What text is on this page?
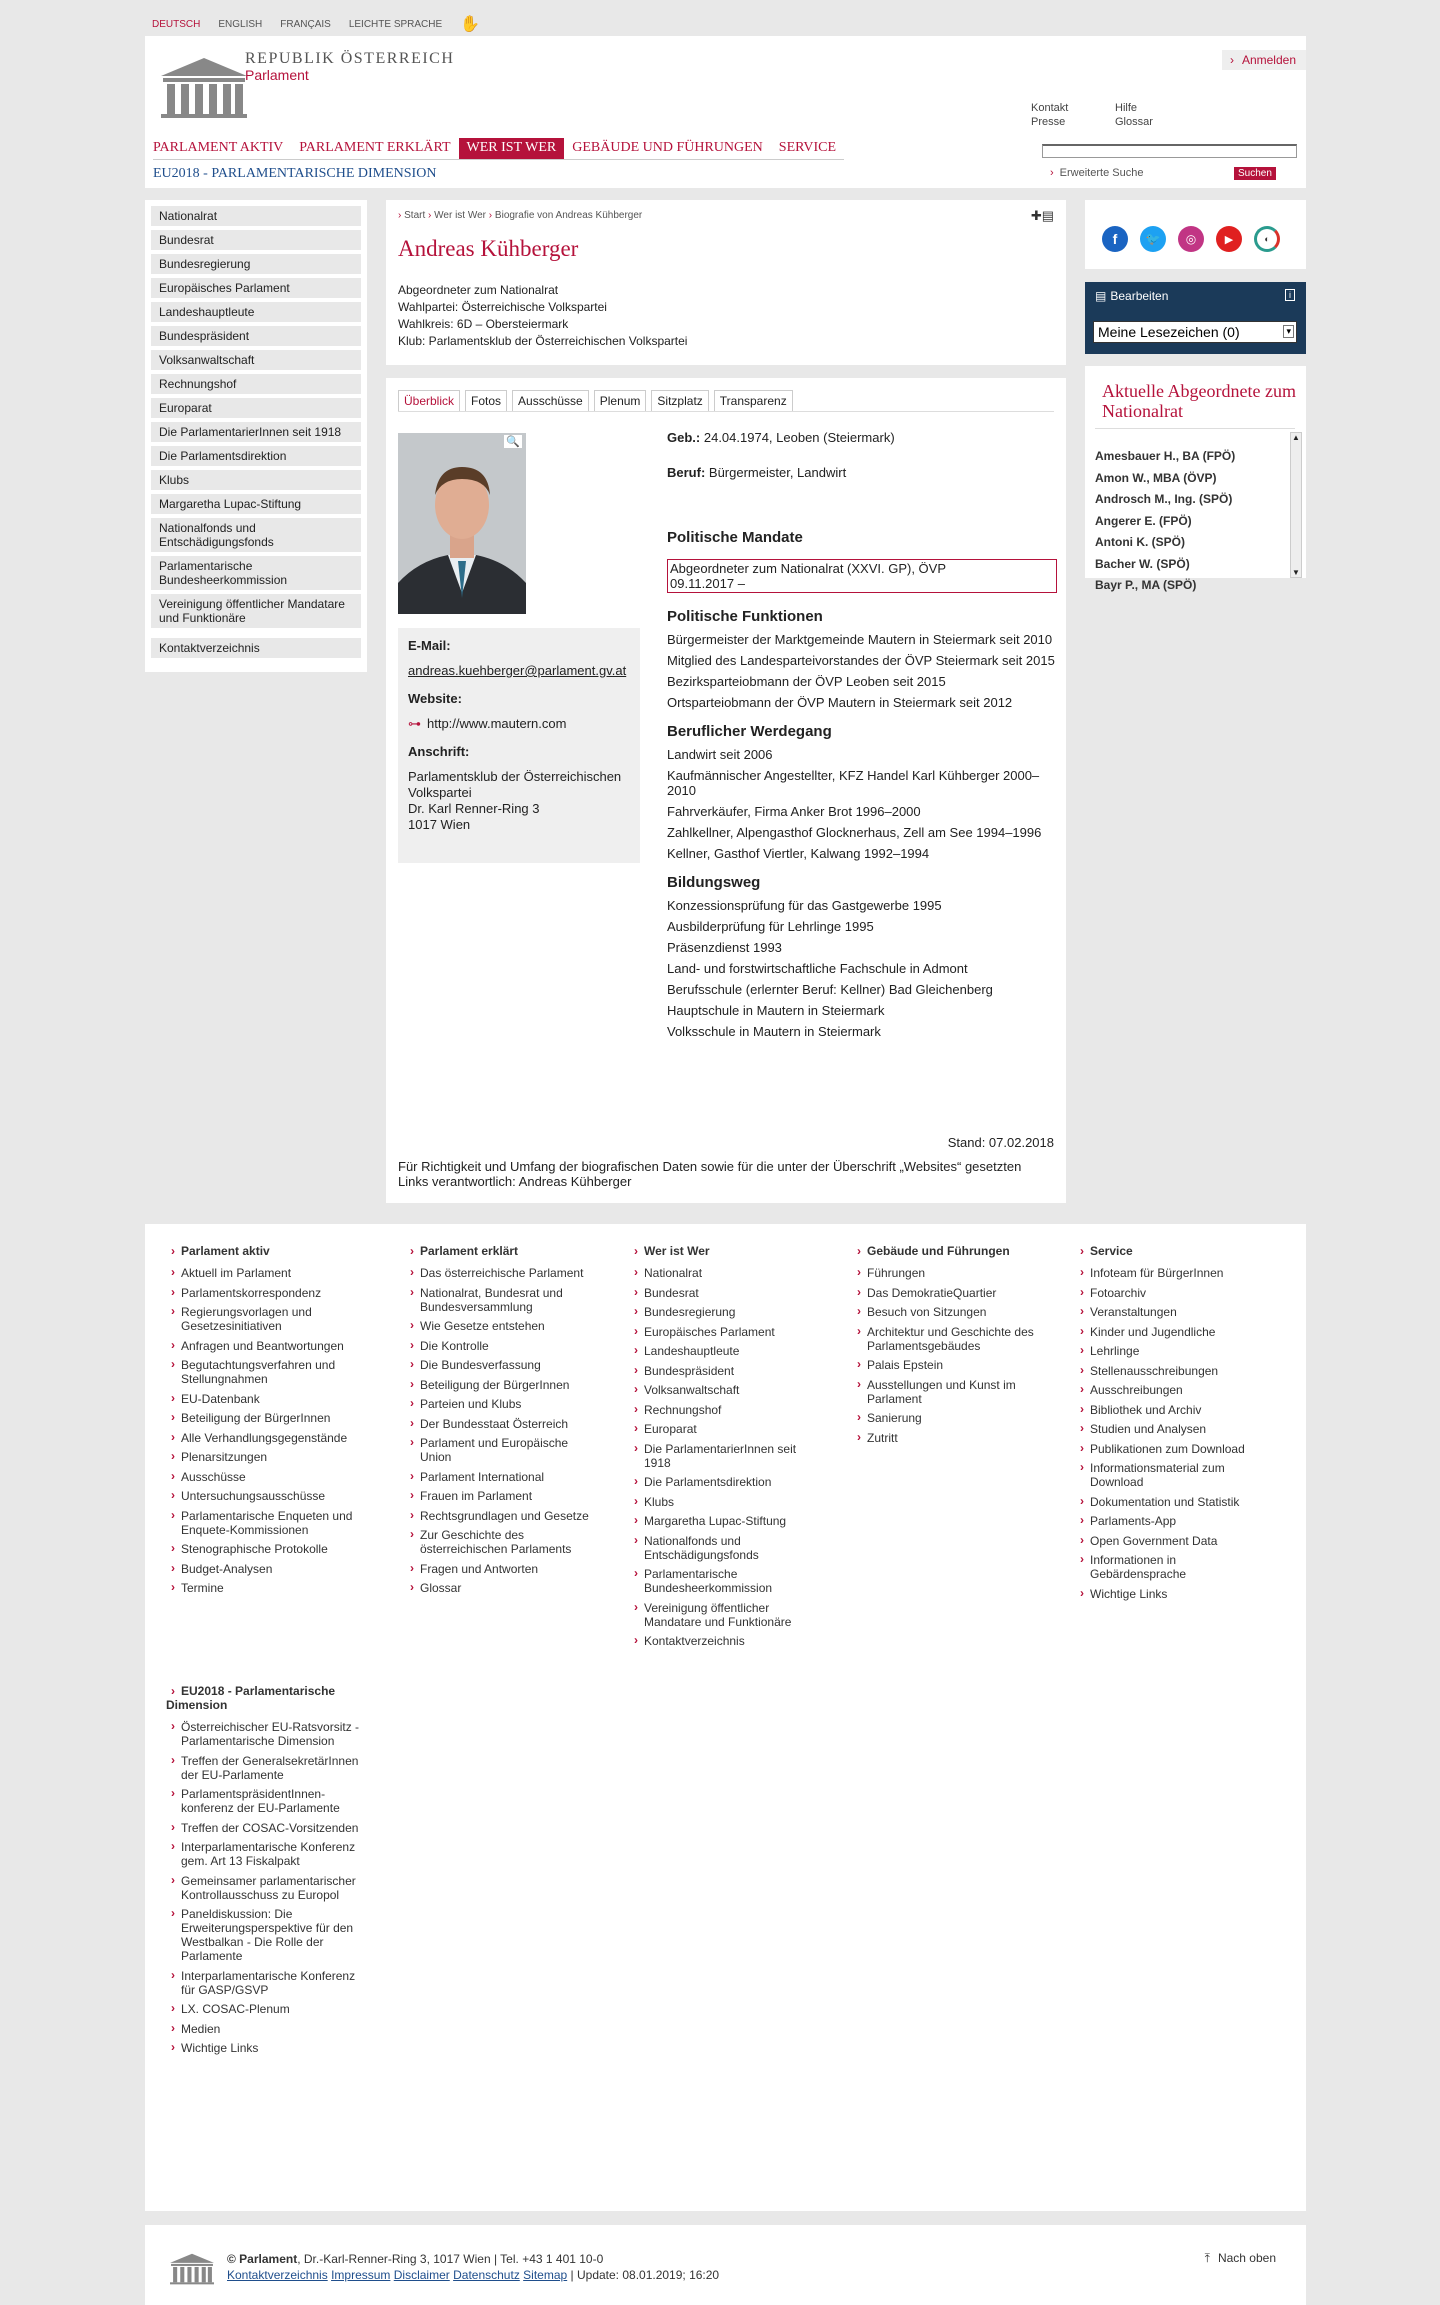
DEUTSCH ENGLISH FRANÇAIS LEICHTE SPRACHE ✋
REPUBLIK ÖSTERREICH
Parlament
› Anmelden
Kontakt	Hilfe
Presse	Glossar
› Erweiterte Suche	Suchen
PARLAMENT AKTIV	PARLAMENT ERKLÄRT	WER IST WER	GEBÄUDE UND FÜHRUNGEN	SERVICE
EU2018 - PARLAMENTARISCHE DIMENSION
Nationalrat
Bundesrat
Bundesregierung
Europäisches Parlament
Landeshauptleute
Bundespräsident
Volksanwaltschaft
Rechnungshof
Europarat
Die ParlamentarierInnen seit 1918
Die Parlamentsdirektion
Klubs
Margaretha Lupac-Stiftung
Nationalfonds und Entschädigungsfonds
Parlamentarische Bundesheerkommission
Vereinigung öffentlicher Mandatare und Funktionäre
Kontaktverzeichnis
› Start › Wer ist Wer › Biografie von Andreas Kühberger	✚▤
Andreas Kühberger
Abgeordneter zum Nationalrat
Wahlpartei: Österreichische Volkspartei
Wahlkreis: 6D – Obersteiermark
Klub: Parlamentsklub der Österreichischen Volkspartei
Überblick	Fotos	Ausschüsse	Plenum	Sitzplatz	Transparenz
🔍
E-Mail:
andreas.kuehberger@parlament.gv.at
Website:
⊶ http://www.mautern.com
Anschrift:
Parlamentsklub der Österreichischen Volkspartei
Dr. Karl Renner-Ring 3
1017 Wien
Geb.: 24.04.1974, Leoben (Steiermark)
Beruf: Bürgermeister, Landwirt
Politische Mandate
Abgeordneter zum Nationalrat (XXVI. GP), ÖVP
09.11.2017 –
Politische Funktionen
Bürgermeister der Marktgemeinde Mautern in Steiermark seit 2010
Mitglied des Landesparteivorstandes der ÖVP Steiermark seit 2015
Bezirksparteiobmann der ÖVP Leoben seit 2015
Ortsparteiobmann der ÖVP Mautern in Steiermark seit 2012
Beruflicher Werdegang
Landwirt seit 2006
Kaufmännischer Angestellter, KFZ Handel Karl Kühberger 2000–2010
Fahrverkäufer, Firma Anker Brot 1996–2000
Zahlkellner, Alpengasthof Glocknerhaus, Zell am See 1994–1996
Kellner, Gasthof Viertler, Kalwang 1992–1994
Bildungsweg
Konzessionsprüfung für das Gastgewerbe 1995
Ausbilderprüfung für Lehrlinge 1995
Präsenzdienst 1993
Land- und forstwirtschaftliche Fachschule in Admont
Berufsschule (erlernter Beruf: Kellner) Bad Gleichenberg
Hauptschule in Mautern in Steiermark
Volksschule in Mautern in Steiermark
Stand: 07.02.2018
Für Richtigkeit und Umfang der biografischen Daten sowie für die unter der Überschrift „Websites“ gesetzten Links verantwortlich: Andreas Kühberger
f	🐦	◎	▶	◐
▤ Bearbeiten	i
Meine Lesezeichen (0)	▾
Aktuelle Abgeordnete zum Nationalrat
Amesbauer H., BA (FPÖ)
Amon W., MBA (ÖVP)
Androsch M., Ing. (SPÖ)
Angerer E. (FPÖ)
Antoni K. (SPÖ)
Bacher W. (SPÖ)
Bayr P., MA (SPÖ)
▲
▼
› Parlament aktiv
› Aktuell im Parlament
› Parlamentskorrespondenz
› Regierungsvorlagen und Gesetzesinitiativen
› Anfragen und Beantwortungen
› Begutachtungsverfahren und Stellungnahmen
› EU-Datenbank
› Beteiligung der BürgerInnen
› Alle Verhandlungsgegenstände
› Plenarsitzungen
› Ausschüsse
› Untersuchungsausschüsse
› Parlamentarische Enqueten und Enquete-Kommissionen
› Stenographische Protokolle
› Budget-Analysen
› Termine
› Parlament erklärt
› Das österreichische Parlament
› Nationalrat, Bundesrat und Bundesversammlung
› Wie Gesetze entstehen
› Die Kontrolle
› Die Bundesverfassung
› Beteiligung der BürgerInnen
› Parteien und Klubs
› Der Bundesstaat Österreich
› Parlament und Europäische Union
› Parlament International
› Frauen im Parlament
› Rechtsgrundlagen und Gesetze
› Zur Geschichte des österreichischen Parlaments
› Fragen und Antworten
› Glossar
› Wer ist Wer
› Nationalrat
› Bundesrat
› Bundesregierung
› Europäisches Parlament
› Landeshauptleute
› Bundespräsident
› Volksanwaltschaft
› Rechnungshof
› Europarat
› Die ParlamentarierInnen seit 1918
› Die Parlamentsdirektion
› Klubs
› Margaretha Lupac-Stiftung
› Nationalfonds und Entschädigungsfonds
› Parlamentarische Bundesheerkommission
› Vereinigung öffentlicher Mandatare und Funktionäre
› Kontaktverzeichnis
› Gebäude und Führungen
› Führungen
› Das DemokratieQuartier
› Besuch von Sitzungen
› Architektur und Geschichte des Parlamentsgebäudes
› Palais Epstein
› Ausstellungen und Kunst im Parlament
› Sanierung
› Zutritt
› Service
› Infoteam für BürgerInnen
› Fotoarchiv
› Veranstaltungen
› Kinder und Jugendliche
› Lehrlinge
› Stellenausschreibungen
› Ausschreibungen
› Bibliothek und Archiv
› Studien und Analysen
› Publikationen zum Download
› Informationsmaterial zum Download
› Dokumentation und Statistik
› Parlaments-App
› Open Government Data
› Informationen in Gebärdensprache
› Wichtige Links
› EU2018 - Parlamentarische Dimension
› Österreichischer EU-Ratsvorsitz - Parlamentarische Dimension
› Treffen der GeneralsekretärInnen der EU-Parlamente
› ParlamentspräsidentInnen-konferenz der EU-Parlamente
› Treffen der COSAC-Vorsitzenden
› Interparlamentarische Konferenz gem. Art 13 Fiskalpakt
› Gemeinsamer parlamentarischer Kontrollausschuss zu Europol
› Paneldiskussion: Die Erweiterungsperspektive für den Westbalkan - Die Rolle der Parlamente
› Interparlamentarische Konferenz für GASP/GSVP
› LX. COSAC-Plenum
› Medien
› Wichtige Links
© Parlament, Dr.-Karl-Renner-Ring 3, 1017 Wien | Tel. +43 1 401 10-0
Kontaktverzeichnis Impressum Disclaimer Datenschutz Sitemap | Update: 08.01.2019; 16:20
⤒ Nach oben
